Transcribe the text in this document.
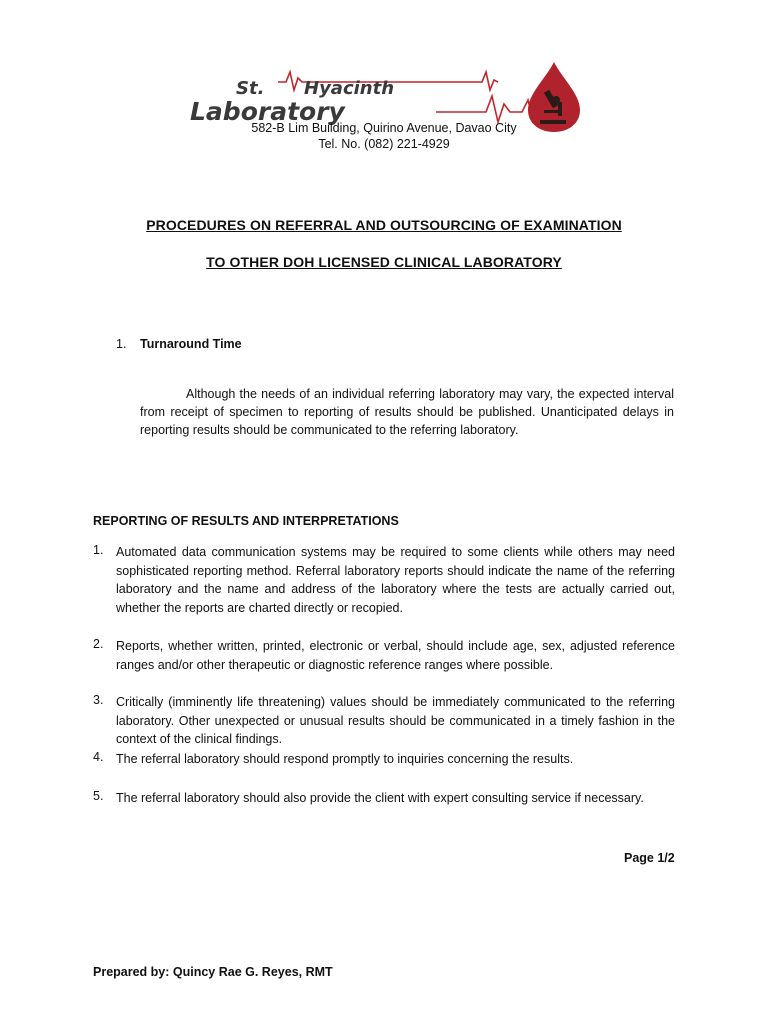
St. Hyacinth
Laboratory
582-B Lim Building, Quirino Avenue, Davao City
Tel. No. (082) 221-4929
PROCEDURES ON REFERRAL AND OUTSOURCING OF EXAMINATION
TO OTHER DOH LICENSED CLINICAL LABORATORY
1. Turnaround Time
Although the needs of an individual referring laboratory may vary, the expected interval from receipt of specimen to reporting of results should be published. Unanticipated delays in reporting results should be communicated to the referring laboratory.
REPORTING OF RESULTS AND INTERPRETATIONS
1. Automated data communication systems may be required to some clients while others may need sophisticated reporting method. Referral laboratory reports should indicate the name of the referring laboratory and the name and address of the laboratory where the tests are actually carried out, whether the reports are charted directly or recopied.
2. Reports, whether written, printed, electronic or verbal, should include age, sex, adjusted reference ranges and/or other therapeutic or diagnostic reference ranges where possible.
3. Critically (imminently life threatening) values should be immediately communicated to the referring laboratory. Other unexpected or unusual results should be communicated in a timely fashion in the context of the clinical findings.
4. The referral laboratory should respond promptly to inquiries concerning the results.
5. The referral laboratory should also provide the client with expert consulting service if necessary.
Page 1/2
Prepared by: Quincy Rae G. Reyes, RMT
